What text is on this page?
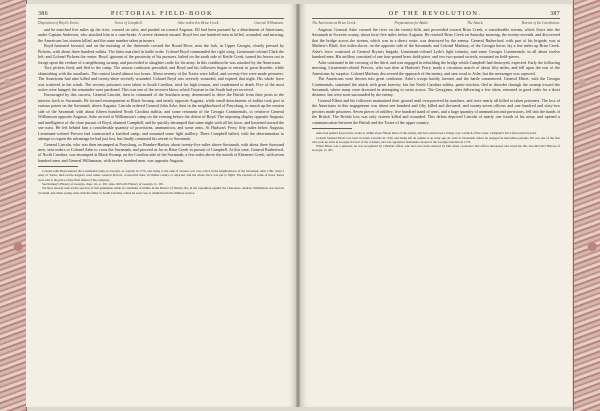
386	PICTORIAL FIELD-BOOK
Disposition of Boyd's Tories.	Tories of Campbell.	Ashe ordered to Briar Creek.	General Williamson.

and he marched five miles up the river, crossed on rafts, and pushed on toward Augusta. Ell had been pursued by a detachment of Americans, under Captain Anderson, who attacked him in a cane-brake. A severe skirmish ensued. Boyd lost one hundred men in killed, wounded, and missing; the Americans lost sixteen killed, and the same number taken prisoners.

Boyd hastened forward, and on the morning of the thirteenth crossed the Broad River, near the fork, in Upper Georgia, closely pressed by Pickens, with about three hundred militia. The latter marched in battle order. Colonel Boyd commanded the right wing; Lieutenant-colonel Clark the left; and Colonel Pickens the center. Boyd, ignorant of the proximity of his pursuers, halted on the north side of Kettle Creek, turned his horses out to forage upon the verdure of a neighboring swamp, and proceeded to slaughter cattle for his army. In this condition he was attacked by the Americans.

Tory pickets fired, and fled to the camp. The utmost confusion prevailed, and Boyd and his followers began to retreat in great disorder, while skirmishing with the assailants. The contest lasted almost two hours. About seventy of the Tories were killed, and seventy-five were made prisoners. The Americans had nine killed and twenty-three severely wounded. Colonel Boyd was severely wounded, and expired that night. His whole force was scattered to the winds. The seventy prisoners were taken to South Carolina, tried for high treason, and condemned to death. Five of the most active were hanged; the remainder were pardoned. This was one of the severest blows which Toryism in the South had yet received.

Encouraged by this success, General Lincoln, then in command of the Southern army, determined to drive the British from their posts in the interior, back to Savannah. He formed encampments at Black Swamp, and nearly opposite Augusta, while small detachments of militia took post at various points on the Savannah, above Augusta. Lincoln ordered General John Ashe, then in the neighborhood of Purysburg, to march up the eastern side of the Savannah with about fifteen hundred North Carolina militia, and some remnants of the Georgia Continentals, to reinforce General Williamson opposite Augusta. Ashe arrived at Williamson's camp on the evening before the defeat of Boyd. The imposing display opposite Augusta, and intelligence of the close pursuit of Boyd, alarmed Campbell, and he quickly decamped that same night with all his force, and hastened toward the sea-coast. He left behind him a considerable quantity of provisions, ammunition, and some arms. At Hudson's Ferry, fifty miles below Augusta, Lieutenant-colonel Prevost had constructed a fortified camp, and mounted some light artillery. There Campbell halted, with the determination to attempt to regain the advantage he had just lost, but finally continued his retreat to Savannah.

General Lincoln, who was then encamped at Purysburg, or Bomber-Harbor, about twenty-five miles above Savannah, with about three thousand men, sent orders to Colonel Ashe to cross the Savannah, and proceed as far as Briar Creek in pursuit of Campbell. At this time, General Rutherford, of North Carolina, was encamped at Black Swamp, on the Carolina side of the Savannah, a few miles above the mouth of Ebenezer Creek, with seven hundred men; and General Williamson, with twelve hundred men, was opposite Augusta.

Colonel John Boyd entered the Continental army, in Georgia, as captain, in 1776, and rising to the rank of colonel, was very active in the neighborhood of the Savannah, until 1780, when a party of Tories, men on the Augusta road, under General Prevost, crossed his lines, in Wilkes county, or adjacent; and his whole force was put to flight. The exploits of some of those Tories were told at the place of the final defeat of his company.

See Ramsay's History of Georgia, chap. vii., p. 201. Also, McCall's History of Georgia, ii., 195.

We have already noticed the services of this gentleman while in command of militia in the District of Ninety-Six, in the expedition against the Cherokees. Andrew Williamson was born in Scotland, and when young came with his father to South Carolina, where he soon rose to distinction in the military service.

OF THE REVOLUTION.	387
The Americans at Briar Creek.	Preparations for Battle.	The Attack.	Retreat of the Carolinians.

Augusta. General Ashe crossed the river on the twenty-fifth, and proceeded toward Briar Creek, a considerable stream, which flows into the Savannah in Screven county, about forty-five miles below Augusta. He reached Briar Creek on Saturday morning, the twenty-seventh, and discovered that the bridge across the stream, which was in a direct route, was destroyed by the enemy. General Rutherford, with part of his brigade, was at Mathew's Bluff, five miles above, on the opposite side of the Savannah; and Colonel Marbury, of the Georgia horse, lay a few miles up Briar Creek. Ashe's force consisted of General Bryan's brigade, Lieutenant-colonel Lytle's light infantry, and some Georgia Continentals; in all about twelve hundred men. His artillery consisted of one four-pound brass field-piece, and two two-pound swivels, mounted on field-pieces.

Ashe continued in the crossing of the third, and was engaged in rebuilding the bridge which Campbell had destroyed, expected. Early the following morning, Lieutenant-colonel Prevost, who was then at Hudson's Ferry, made a circuitous march of about fifty miles, and fell upon the rear of the Americans by surprise. Colonel Marbury discovered the approach of the enemy, and sent word to Ashe, but the messenger was captured.

The Americans were thrown into great confusion. Ashe's troops hastily formed, and the battle commenced. General Elbert, with the Georgia Continentals, sustained the attack with great bravery; but the North Carolina militia, panic-stricken, fled in disorder through the swamp toward the Savannah, where many were drowned in attempting to swim across. The Georgians, after delivering a few shots, retreated in good order for a short distance, but were soon surrounded by the enemy.

General Elbert and his followers maintained their ground until overpowered by numbers, and were nearly all killed or taken prisoners. The loss of the Americans in this engagement was about one hundred and fifty killed and drowned, and twenty-seven officers and one hundred and sixty-two privates made prisoners. Seven pieces of artillery, five hundred stand of arms, and a large quantity of ammunition and provisions, fell into the hands of the British. The British loss was only sixteen killed and wounded. This defeat deprived Lincoln of nearly one fourth of his army, and opened a communication between the British and the Tories of the upper country.

Ashe had pushed forward his works to within about fifteen miles of the enemy, and had constructed a bridge over a branch of the creek. Campbell's force had retired beyond.

Colonel Samuel Elbert was born in South Carolina in 1740, and being left an orphan at an early age, he went to Savannah, where he engaged in mercantile pursuits. He was one of the first who took up arms in Georgia in favor of the colonies, and was appointed lieutenant-colonel of the Georgia battalion in 1776.

When Elbert was a prisoner, he was recognized by a British officer who had once been relieved by him when a prisoner; that officer interposed and saved his life. See McCall's History of Georgia, ii., 201.
